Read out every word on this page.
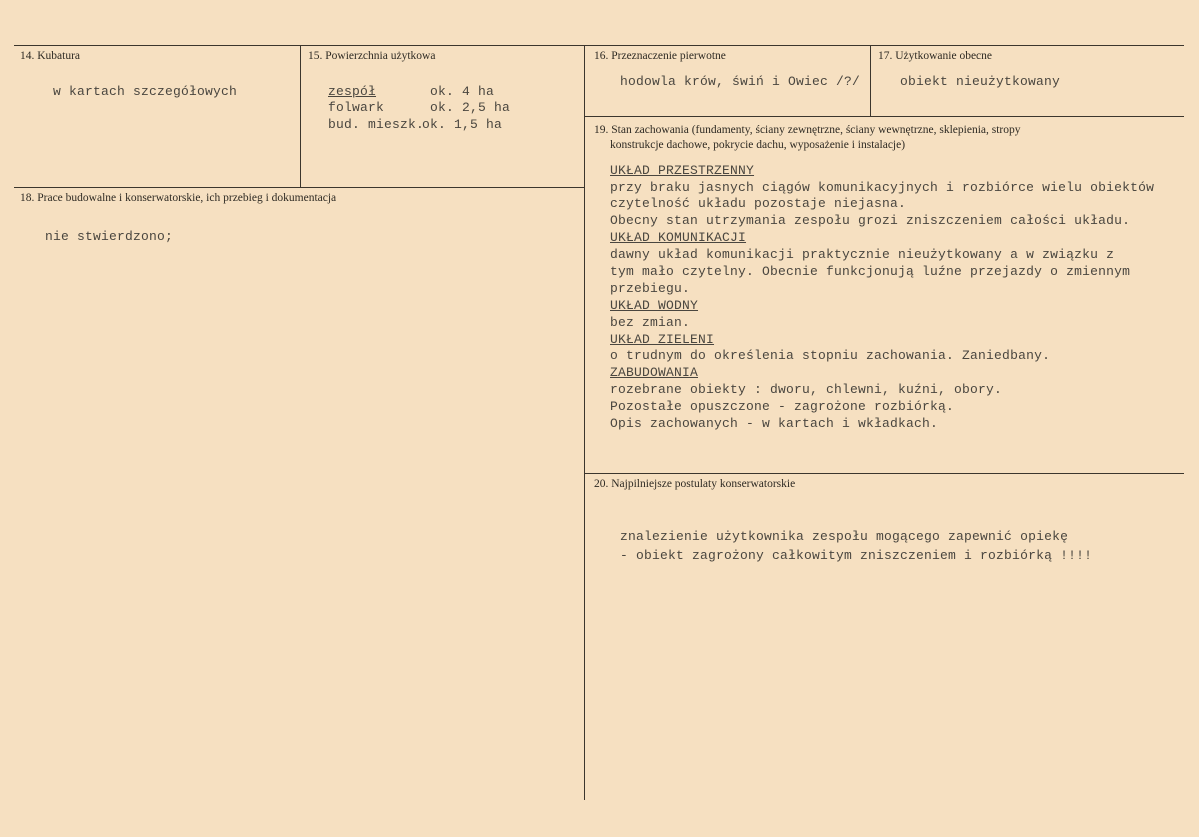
14. Kubatura
w kartach szczegółowych
15. Powierzchnia użytkowa
zespół	ok. 4 ha
folwark	ok. 2,5 ha
bud. mieszk.
ok. 1,5 ha
16. Przeznaczenie pierwotne
hodowla krów, świń i Owiec /?/
17. Użytkowanie obecne
obiekt nieużytkowany
18. Prace budowalne i konserwatorskie, ich przebieg i dokumentacja
nie stwierdzono;
19. Stan zachowania (fundamenty, ściany zewnętrzne, ściany wewnętrzne, sklepienia, stropy
konstrukcje dachowe, pokrycie dachu, wyposażenie i instalacje)
UKŁAD PRZESTRZENNY
przy braku jasnych ciągów komunikacyjnych i rozbiórce wielu obiektów
czytelność układu pozostaje niejasna.
Obecny stan utrzymania zespołu grozi zniszczeniem całości układu.
UKŁAD KOMUNIKACJI
dawny układ komunikacji praktycznie nieużytkowany a w związku z
tym mało czytelny. Obecnie funkcjonują luźne przejazdy o zmiennym
przebiegu.
UKŁAD WODNY
bez zmian.
UKŁAD ZIELENI
o trudnym do określenia stopniu zachowania. Zaniedbany.
ZABUDOWANIA
rozebrane obiekty : dworu, chlewni, kuźni, obory.
Pozostałe opuszczone - zagrożone rozbiórką.
Opis zachowanych - w kartach i wkładkach.
20. Najpilniejsze postulaty konserwatorskie
znalezienie użytkownika zespołu mogącego zapewnić opiekę
- obiekt zagrożony całkowitym zniszczeniem i rozbiórką !!!!
